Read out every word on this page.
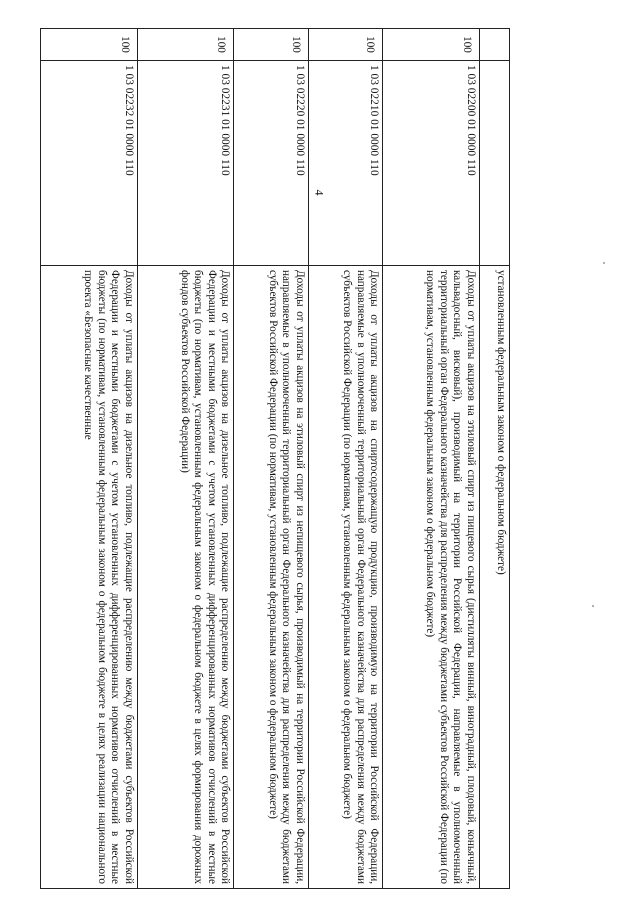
4
		установленным федеральным законом о федеральном бюджете)
100	1 03 02200 01 0000 110	Доходы от уплаты акцизов на этиловый спирт из пищевого сырья (дистилляты винный, виноградный, плодовый, коньячный, кальвадосный, висковый), производимый на территории Российской Федерации, направляемые в уполномоченный территориальный орган Федерального казначейства для распределения между бюджетами субъектов Российской Федерации (по нормативам, установленным федеральным законом о федеральном бюджете)
100	1 03 02210 01 0000 110	Доходы от уплаты акцизов на спиртосодержащую продукцию, производимую на территории Российской Федерации, направляемые в уполномоченный территориальный орган Федерального казначейства для распределения между бюджетами субъектов Российской Федерации (по нормативам, установленным федеральным законом о федеральном бюджете)
100	1 03 02220 01 0000 110	Доходы от уплаты акцизов на этиловый спирт из непищевого сырья, производимый на территории Российской Федерации, направляемые в уполномоченный территориальный орган Федерального казначейства для распределения между бюджетами субъектов Российской Федерации (по нормативам, установленным федеральным законом о федеральном бюджете)
100	1 03 02231 01 0000 110	Доходы от уплаты акцизов на дизельное топливо, подлежащие распределению между бюджетами субъектов Российской Федерации и местными бюджетами с учетом установленных дифференцированных нормативов отчислений в местные бюджеты (по нормативам, установленным федеральным законом о федеральном бюджете в целях формирования дорожных фондов субъектов Российской Федерации)
100	1 03 02232 01 0000 110	Доходы от уплаты акцизов на дизельное топливо, подлежащие распределению между бюджетами субъектов Российской Федерации и местными бюджетами с учетом установленных дифференцированных нормативов отчислений в местные бюджеты (по нормативам, установленным федеральным законом о федеральном бюджете в целях реализации национального проекта «Безопасные качественные
